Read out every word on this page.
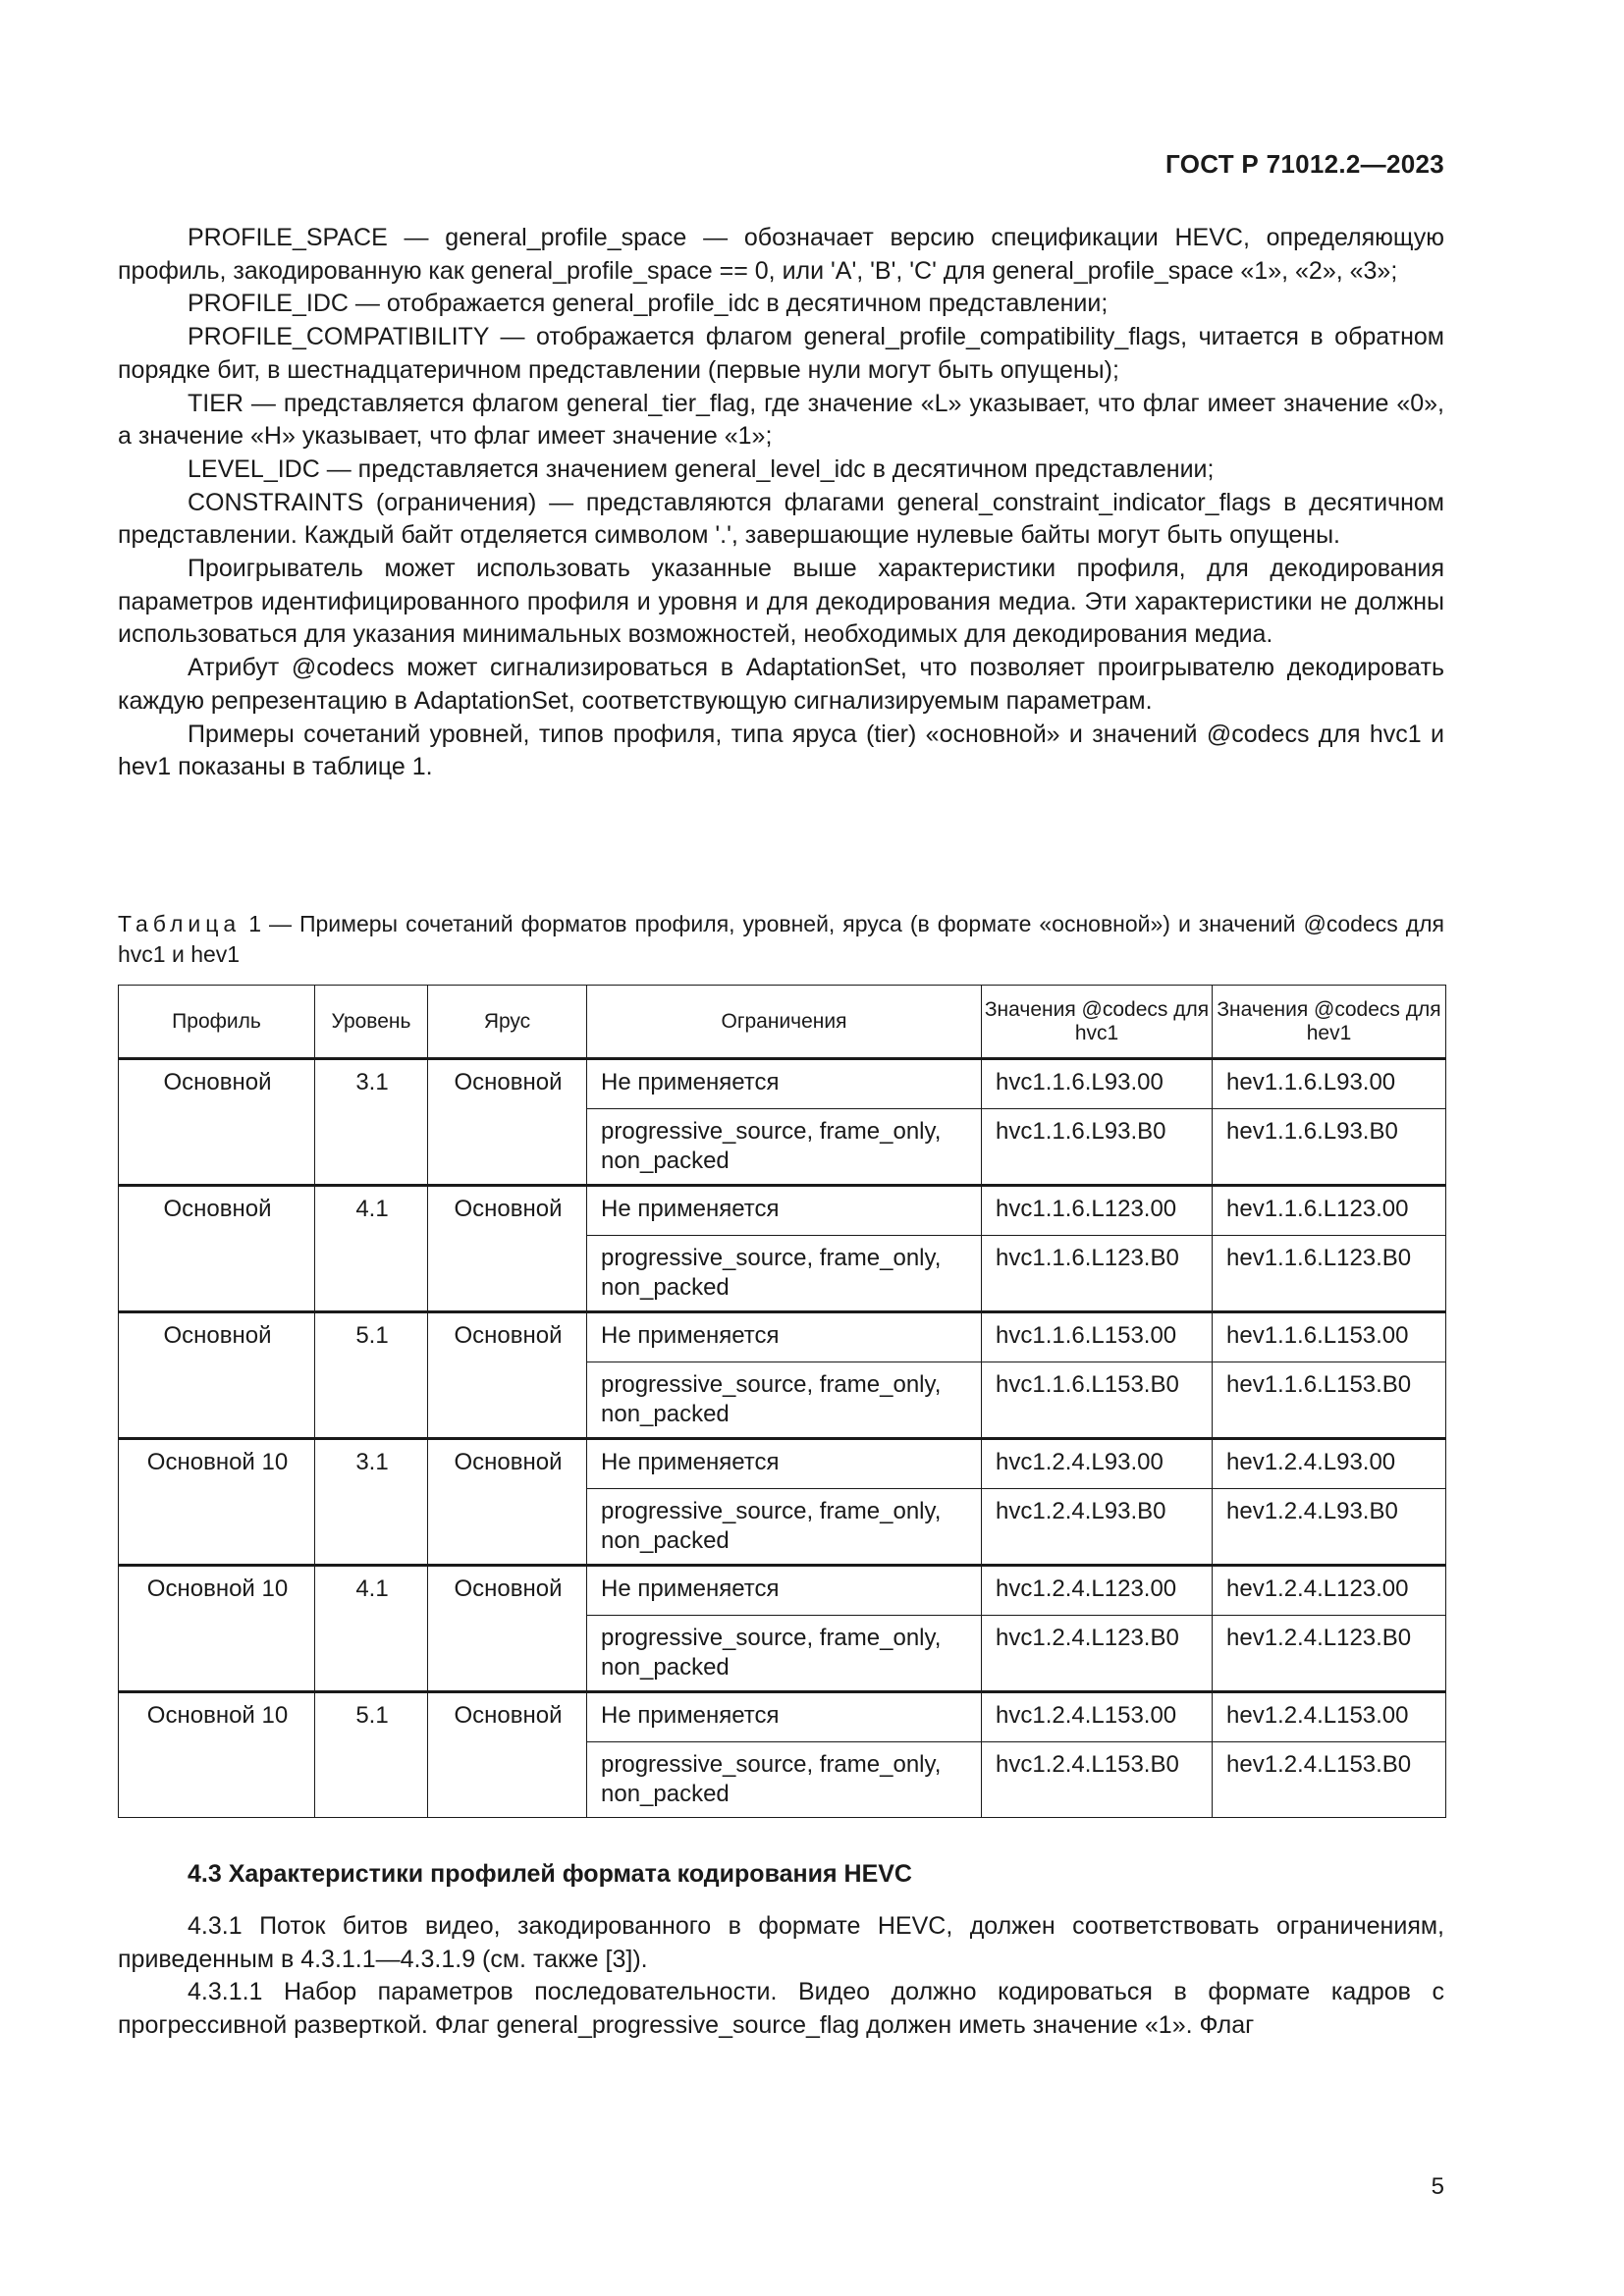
ГОСТ Р 71012.2—2023

PROFILE_SPACE — general_profile_space — обозначает версию спецификации HEVC, определяющую профиль, закодированную как general_profile_space == 0, или 'A', 'B', 'C' для general_profile_space «1», «2», «3»;

PROFILE_IDC — отображается general_profile_idc в десятичном представлении;

PROFILE_COMPATIBILITY — отображается флагом general_profile_compatibility_flags, читается в обратном порядке бит, в шестнадцатеричном представлении (первые нули могут быть опущены);

TIER — представляется флагом general_tier_flag, где значение «L» указывает, что флаг имеет значение «0», а значение «H» указывает, что флаг имеет значение «1»;

LEVEL_IDC — представляется значением general_level_idc в десятичном представлении;

CONSTRAINTS (ограничения) — представляются флагами general_constraint_indicator_flags в десятичном представлении. Каждый байт отделяется символом '.', завершающие нулевые байты могут быть опущены.

Проигрыватель может использовать указанные выше характеристики профиля, для декодирования параметров идентифицированного профиля и уровня и для декодирования медиа. Эти характеристики не должны использоваться для указания минимальных возможностей, необходимых для декодирования медиа.

Атрибут @codecs может сигнализироваться в AdaptationSet, что позволяет проигрывателю декодировать каждую репрезентацию в AdaptationSet, соответствующую сигнализируемым параметрам.

Примеры сочетаний уровней, типов профиля, типа яруса (tier) «основной» и значений @codecs для hvc1 и hev1 показаны в таблице 1.

Таблица 1 — Примеры сочетаний форматов профиля, уровней, яруса (в формате «основной») и значений @codecs для hvc1 и hev1
Профиль	Уровень	Ярус	Ограничения	Значения @codecs для hvc1	Значения @codecs для hev1

Основной	3.1	Основной	Не применяется	hvc1.1.6.L93.00	hev1.1.6.L93.00

			progressive_source, frame_only, non_packed	hvc1.1.6.L93.B0	hev1.1.6.L93.B0

Основной	4.1	Основной	Не применяется	hvc1.1.6.L123.00	hev1.1.6.L123.00

			progressive_source, frame_only, non_packed	hvc1.1.6.L123.B0	hev1.1.6.L123.B0

Основной	5.1	Основной	Не применяется	hvc1.1.6.L153.00	hev1.1.6.L153.00

			progressive_source, frame_only, non_packed	hvc1.1.6.L153.B0	hev1.1.6.L153.B0

Основной 10	3.1	Основной	Не применяется	hvc1.2.4.L93.00	hev1.2.4.L93.00

			progressive_source, frame_only, non_packed	hvc1.2.4.L93.B0	hev1.2.4.L93.B0

Основной 10	4.1	Основной	Не применяется	hvc1.2.4.L123.00	hev1.2.4.L123.00

			progressive_source, frame_only, non_packed	hvc1.2.4.L123.B0	hev1.2.4.L123.B0

Основной 10	5.1	Основной	Не применяется	hvc1.2.4.L153.00	hev1.2.4.L153.00

			progressive_source, frame_only, non_packed	hvc1.2.4.L153.B0	hev1.2.4.L153.B0
4.3 Характеристики профилей формата кодирования HEVC

4.3.1 Поток битов видео, закодированного в формате HEVC, должен соответствовать ограничениям, приведенным в 4.3.1.1—4.3.1.9 (см. также [3]).

4.3.1.1 Набор параметров последовательности. Видео должно кодироваться в формате кадров с прогрессивной разверткой. Флаг general_progressive_source_flag должен иметь значение «1». Флаг

5
